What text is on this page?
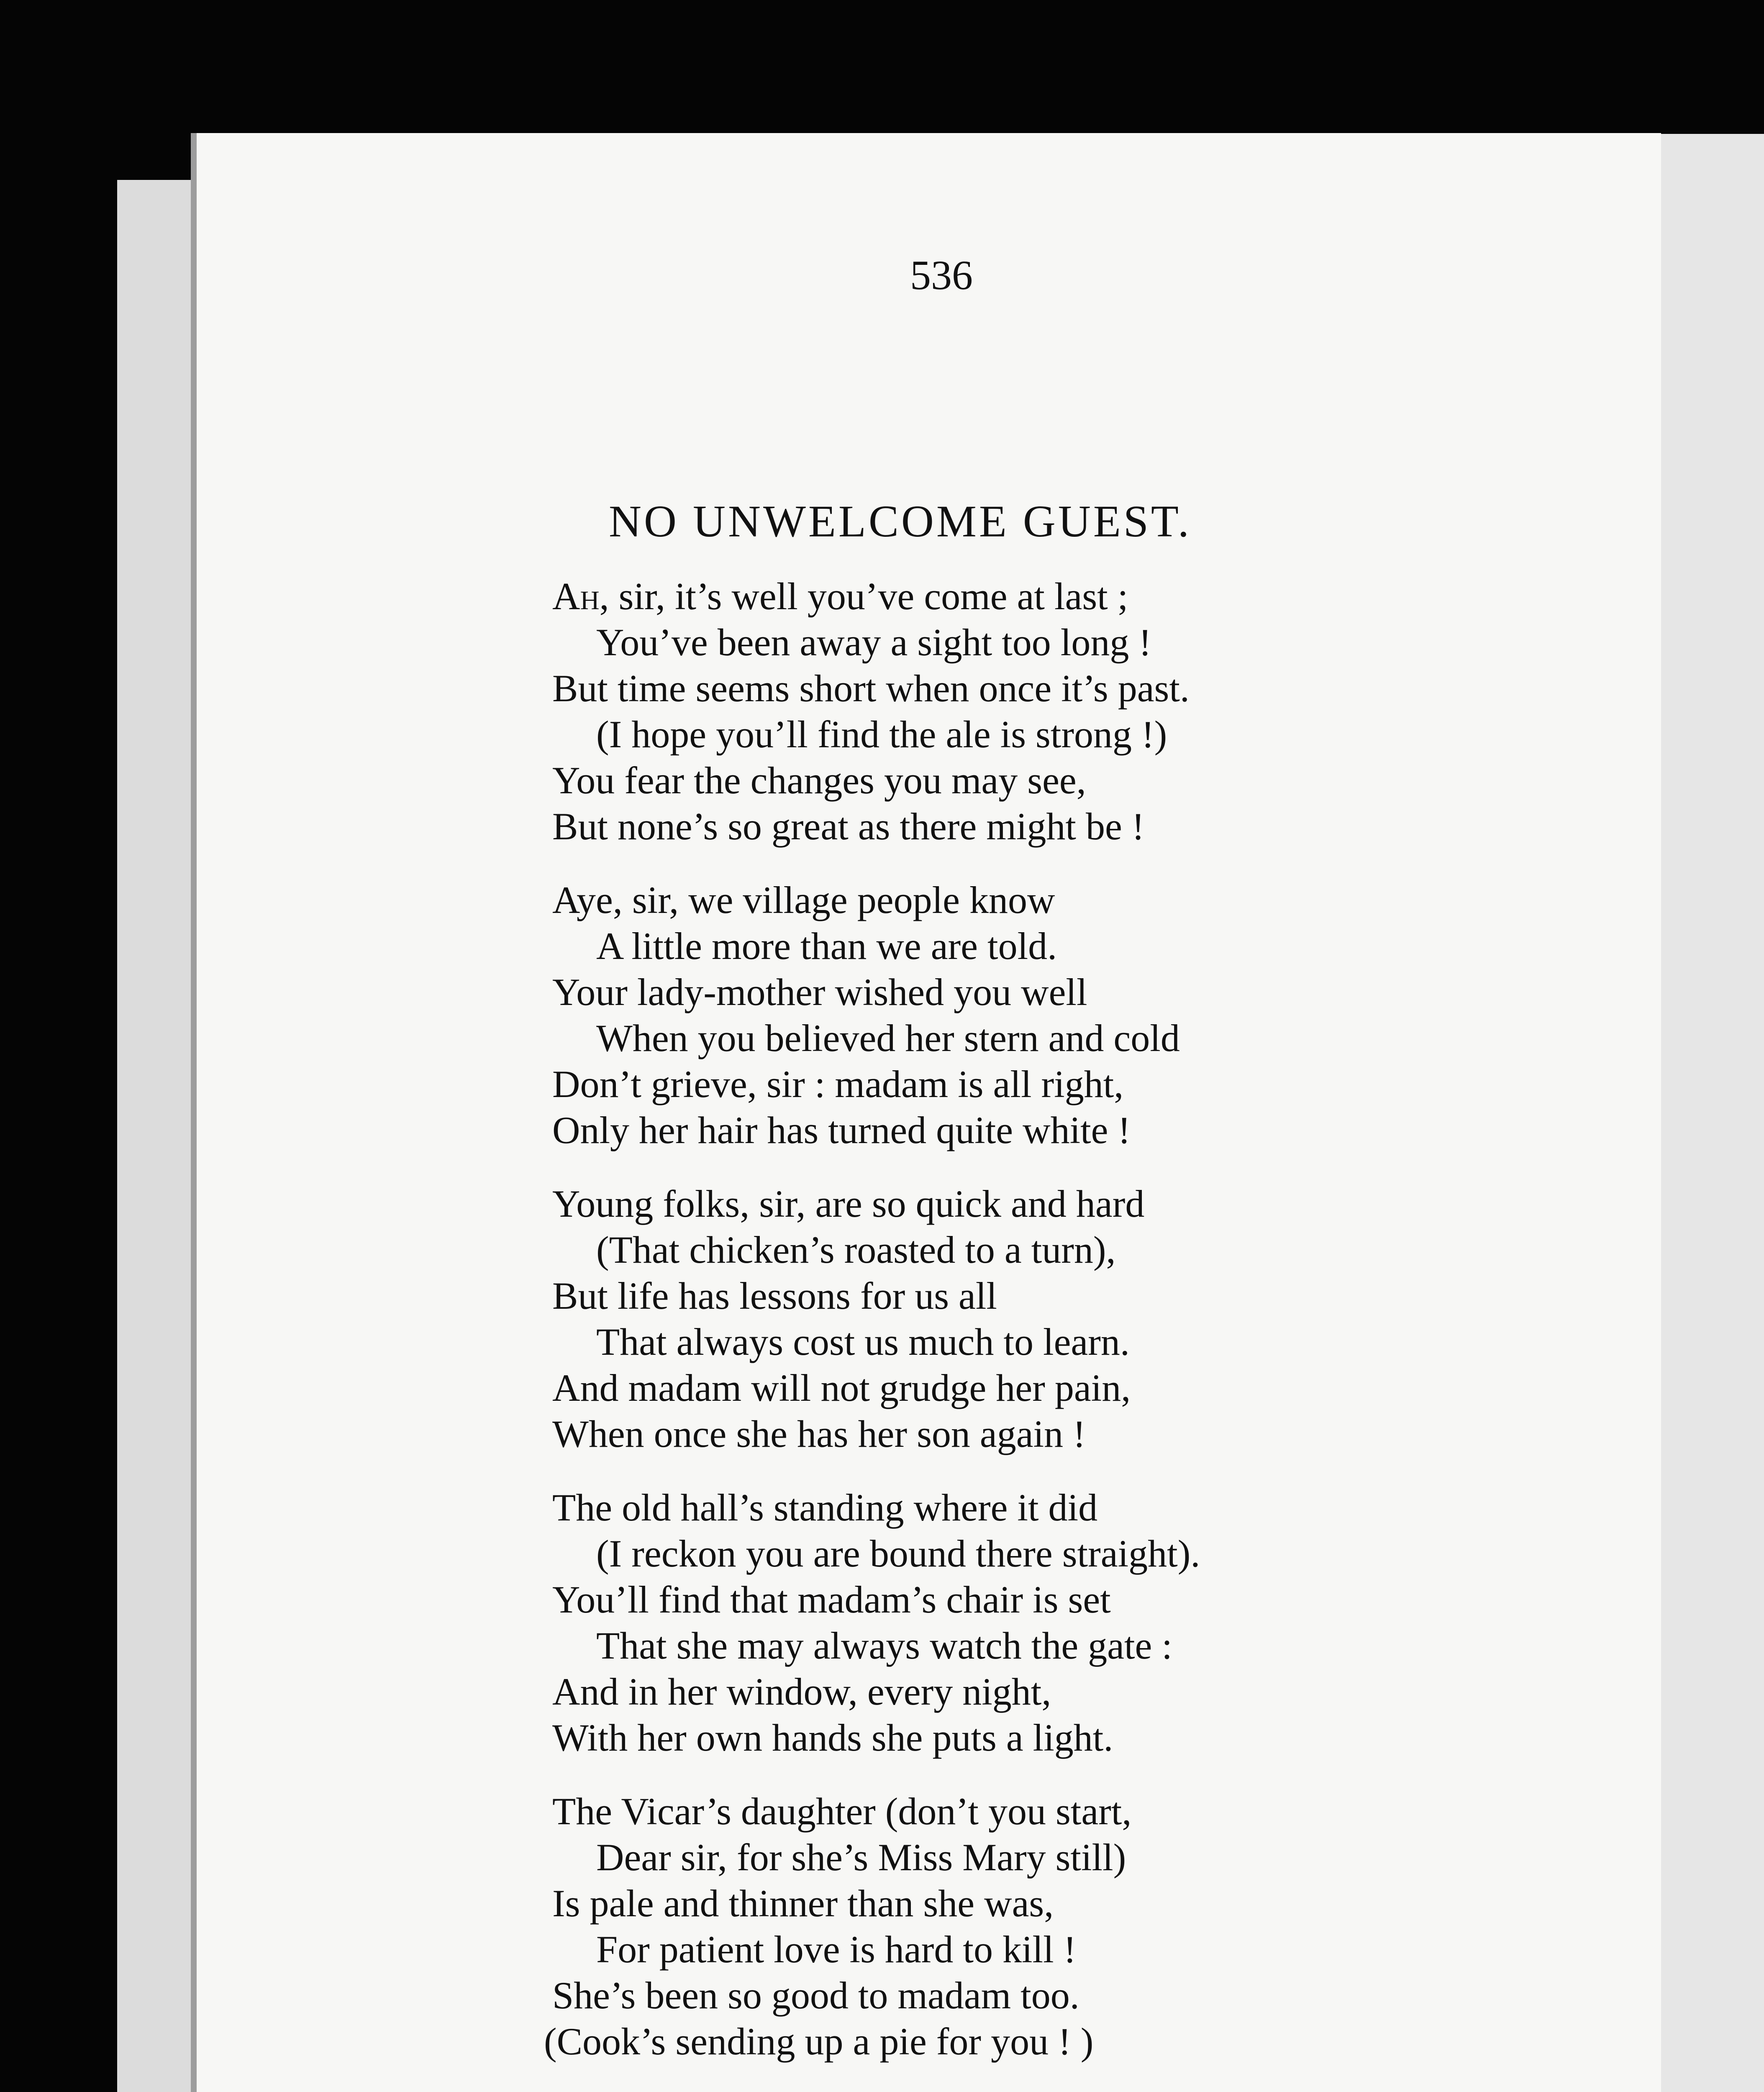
536
NO UNWELCOME GUEST.
Ah, sir, it’s well you’ve come at last ;
You’ve been away a sight too long !
But time seems short when once it’s past.
(I hope you’ll find the ale is strong !)
You fear the changes you may see,
But none’s so great as there might be !
Aye, sir, we village people know
A little more than we are told.
Your lady-mother wished you well
When you believed her stern and cold
Don’t grieve, sir : madam is all right,
Only her hair has turned quite white !
Young folks, sir, are so quick and hard
(That chicken’s roasted to a turn),
But life has lessons for us all
That always cost us much to learn.
And madam will not grudge her pain,
When once she has her son again !
The old hall’s standing where it did
(I reckon you are bound there straight).
You’ll find that madam’s chair is set
That she may always watch the gate :
And in her window, every night,
With her own hands she puts a light.
The Vicar’s daughter (don’t you start,
Dear sir, for she’s Miss Mary still)
Is pale and thinner than she was,
For patient love is hard to kill !
She’s been so good to madam too.
(Cook’s sending up a pie for you ! )
